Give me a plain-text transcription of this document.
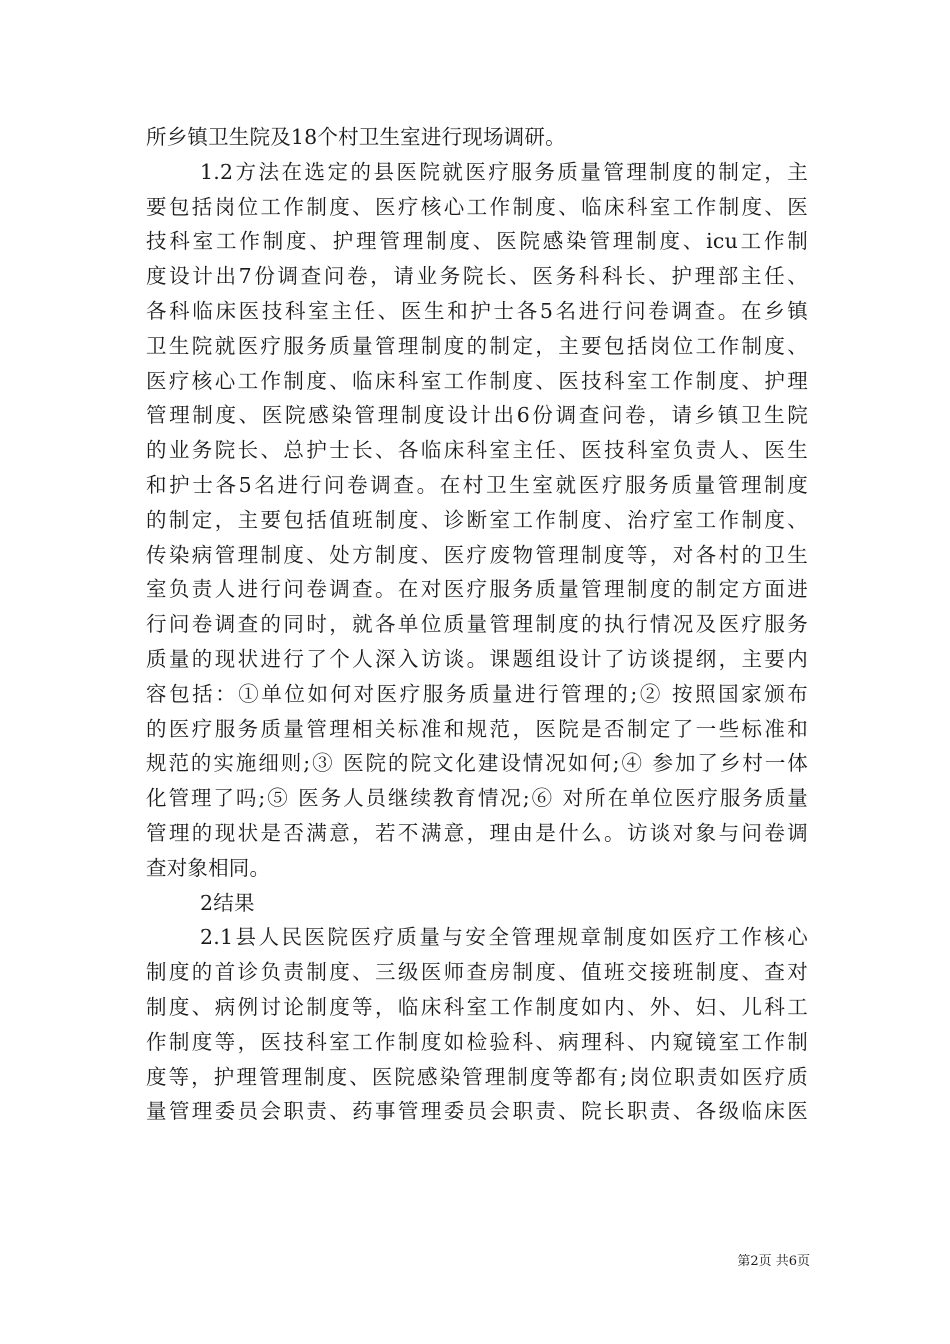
所乡镇卫生院及18个村卫生室进行现场调研。
1.2方法在选定的县医院就医疗服务质量管理制度的制定，主
要包括岗位工作制度、医疗核心工作制度、临床科室工作制度、医
技科室工作制度、护理管理制度、医院感染管理制度、icu工作制
度设计出7份调查问卷，请业务院长、医务科科长、护理部主任、
各科临床医技科室主任、医生和护士各5名进行问卷调查。在乡镇
卫生院就医疗服务质量管理制度的制定，主要包括岗位工作制度、
医疗核心工作制度、临床科室工作制度、医技科室工作制度、护理
管理制度、医院感染管理制度设计出6份调查问卷，请乡镇卫生院
的业务院长、总护士长、各临床科室主任、医技科室负责人、医生
和护士各5名进行问卷调查。在村卫生室就医疗服务质量管理制度
的制定，主要包括值班制度、诊断室工作制度、治疗室工作制度、
传染病管理制度、处方制度、医疗废物管理制度等，对各村的卫生
室负责人进行问卷调查。在对医疗服务质量管理制度的制定方面进
行问卷调查的同时，就各单位质量管理制度的执行情况及医疗服务
质量的现状进行了个人深入访谈。课题组设计了访谈提纲，主要内
容包括：①单位如何对医疗服务质量进行管理的;② 按照国家颁布
的医疗服务质量管理相关标准和规范，医院是否制定了一些标准和
规范的实施细则;③ 医院的院文化建设情况如何;④ 参加了乡村一体
化管理了吗;⑤ 医务人员继续教育情况;⑥ 对所在单位医疗服务质量
管理的现状是否满意，若不满意，理由是什么。访谈对象与问卷调
查对象相同。
2结果
2.1县人民医院医疗质量与安全管理规章制度如医疗工作核心
制度的首诊负责制度、三级医师查房制度、值班交接班制度、查对
制度、病例讨论制度等，临床科室工作制度如内、外、妇、儿科工
作制度等，医技科室工作制度如检验科、病理科、内窥镜室工作制
度等，护理管理制度、医院感染管理制度等都有;岗位职责如医疗质
量管理委员会职责、药事管理委员会职责、院长职责、各级临床医
第2页 共6页
